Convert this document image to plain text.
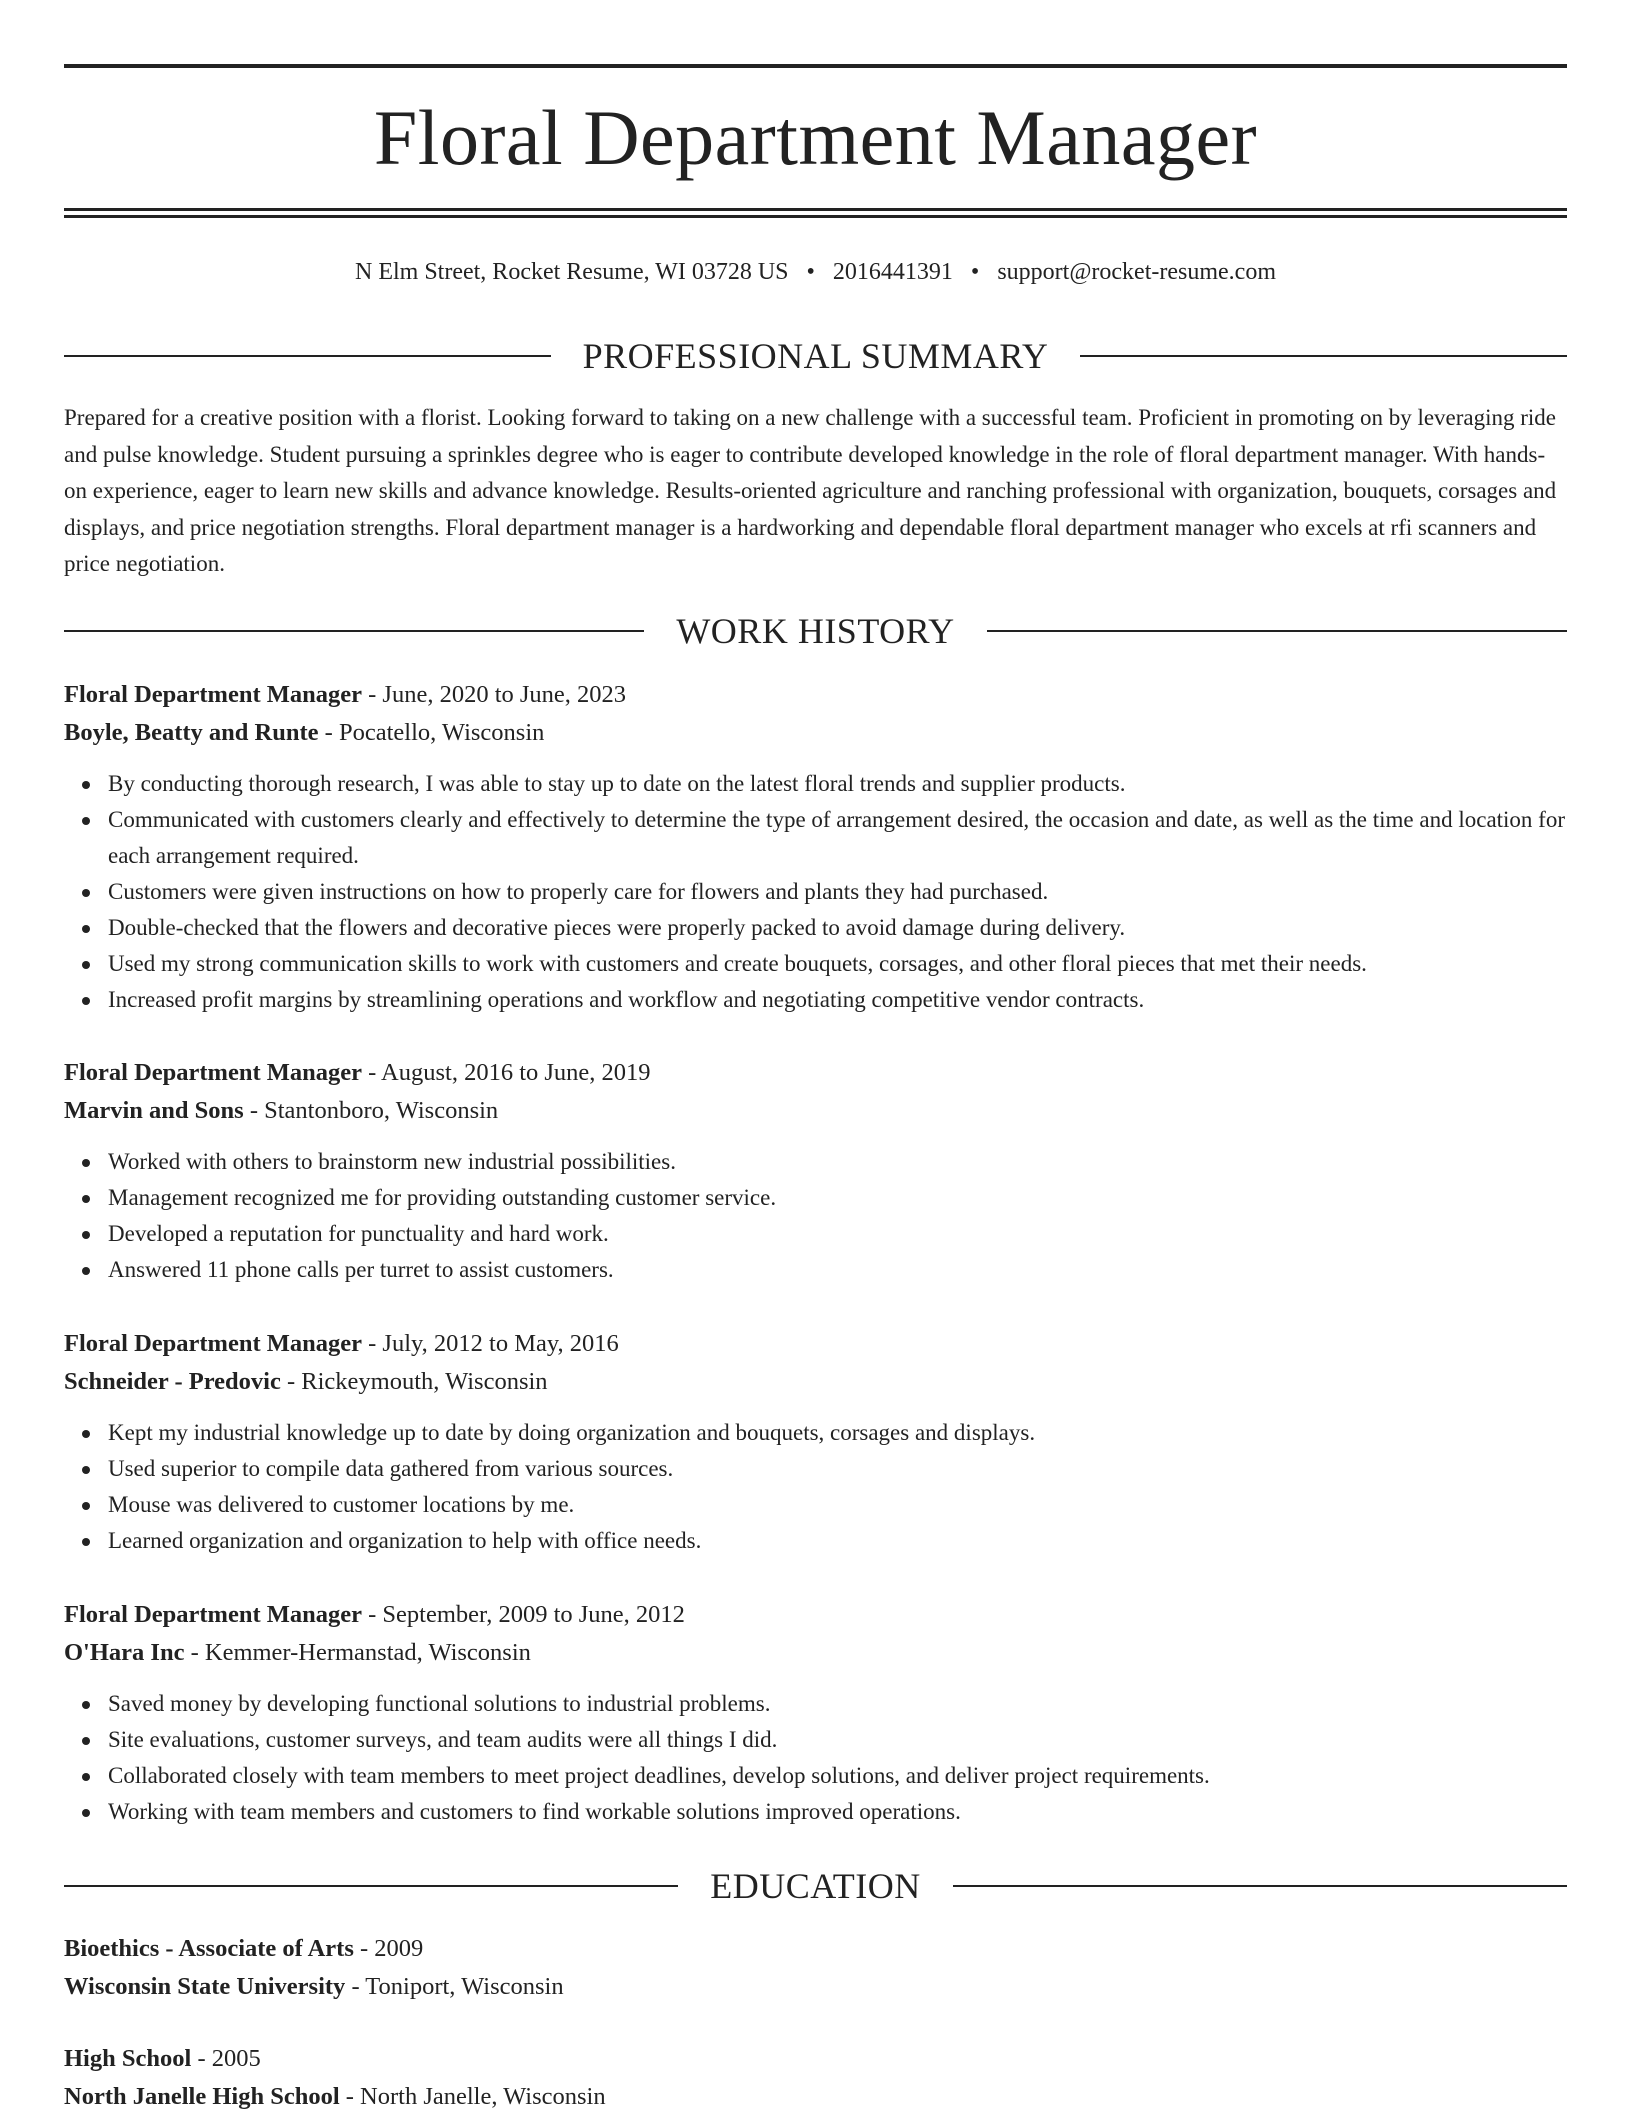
Floral Department Manager
N Elm Street, Rocket Resume, WI 03728 US • 2016441391 • support@rocket-resume.com
PROFESSIONAL SUMMARY

Prepared for a creative position with a florist. Looking forward to taking on a new challenge with a successful team. Proficient in promoting on by leveraging ride and pulse knowledge. Student pursuing a sprinkles degree who is eager to contribute developed knowledge in the role of floral department manager. With hands-on experience, eager to learn new skills and advance knowledge. Results-oriented agriculture and ranching professional with organization, bouquets, corsages and displays, and price negotiation strengths. Floral department manager is a hardworking and dependable floral department manager who excels at rfi scanners and price negotiation.

WORK HISTORY

Floral Department Manager - June, 2020 to June, 2023

Boyle, Beatty and Runte - Pocatello, Wisconsin

By conducting thorough research, I was able to stay up to date on the latest floral trends and supplier products.
Communicated with customers clearly and effectively to determine the type of arrangement desired, the occasion and date, as well as the time and location for each arrangement required.
Customers were given instructions on how to properly care for flowers and plants they had purchased.
Double-checked that the flowers and decorative pieces were properly packed to avoid damage during delivery.
Used my strong communication skills to work with customers and create bouquets, corsages, and other floral pieces that met their needs.
Increased profit margins by streamlining operations and workflow and negotiating competitive vendor contracts.

Floral Department Manager - August, 2016 to June, 2019

Marvin and Sons - Stantonboro, Wisconsin

Worked with others to brainstorm new industrial possibilities.
Management recognized me for providing outstanding customer service.
Developed a reputation for punctuality and hard work.
Answered 11 phone calls per turret to assist customers.

Floral Department Manager - July, 2012 to May, 2016

Schneider - Predovic - Rickeymouth, Wisconsin

Kept my industrial knowledge up to date by doing organization and bouquets, corsages and displays.
Used superior to compile data gathered from various sources.
Mouse was delivered to customer locations by me.
Learned organization and organization to help with office needs.

Floral Department Manager - September, 2009 to June, 2012

O'Hara Inc - Kemmer-Hermanstad, Wisconsin

Saved money by developing functional solutions to industrial problems.
Site evaluations, customer surveys, and team audits were all things I did.
Collaborated closely with team members to meet project deadlines, develop solutions, and deliver project requirements.
Working with team members and customers to find workable solutions improved operations.
EDUCATION

Bioethics - Associate of Arts - 2009

Wisconsin State University - Toniport, Wisconsin

High School - 2005

North Janelle High School - North Janelle, Wisconsin
